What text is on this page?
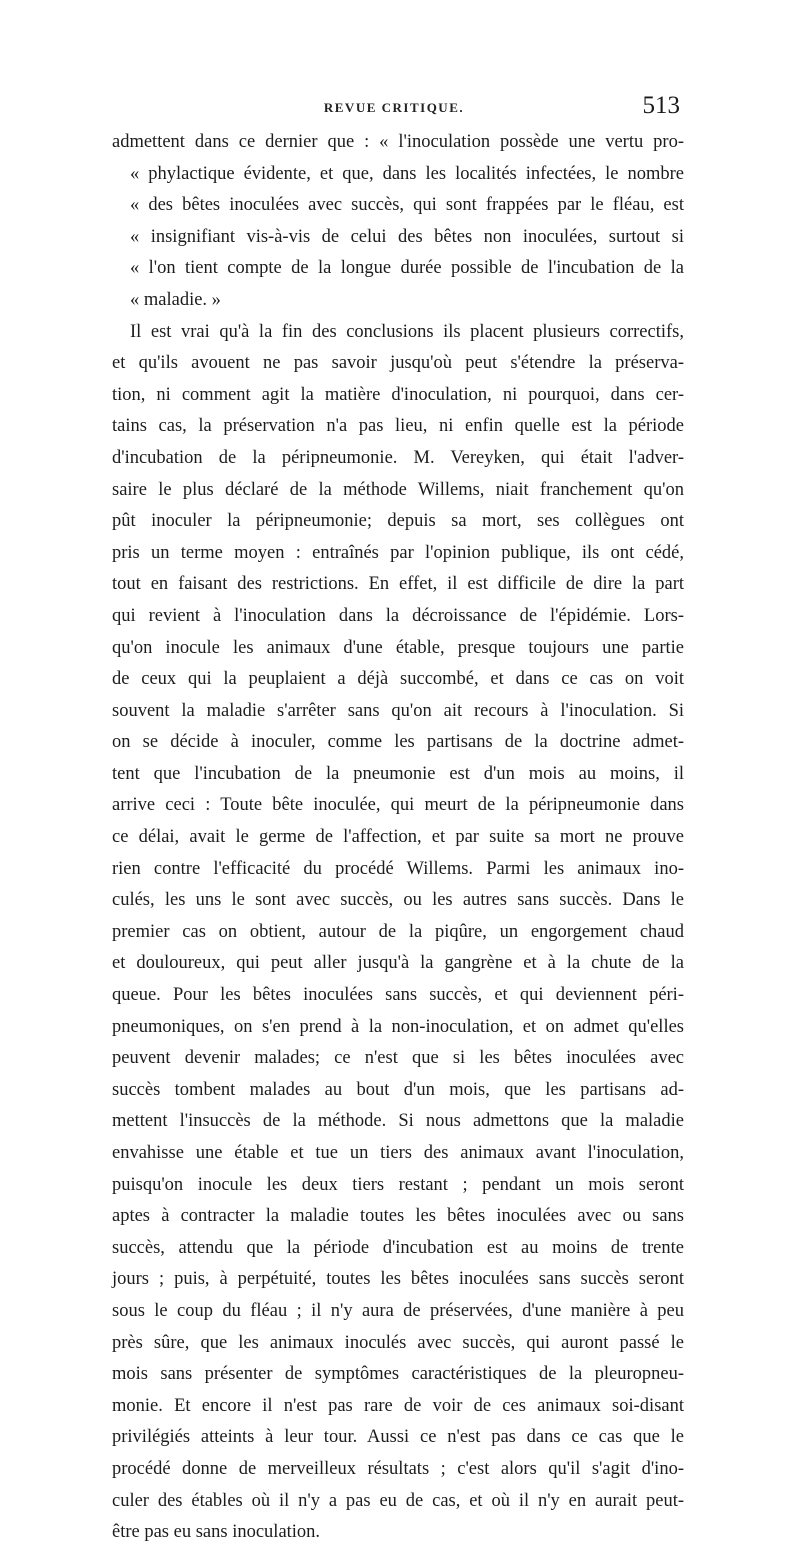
REVUE CRITIQUE.	513
admettent dans ce dernier que : « l'inoculation possède une vertu pro-
« phylactique évidente, et que, dans les localités infectées, le nombre
« des bêtes inoculées avec succès, qui sont frappées par le fléau, est
« insignifiant vis-à-vis de celui des bêtes non inoculées, surtout si
« l'on tient compte de la longue durée possible de l'incubation de la
« maladie. »
Il est vrai qu'à la fin des conclusions ils placent plusieurs correctifs,
et qu'ils avouent ne pas savoir jusqu'où peut s'étendre la préserva-
tion, ni comment agit la matière d'inoculation, ni pourquoi, dans cer-
tains cas, la préservation n'a pas lieu, ni enfin quelle est la période
d'incubation de la péripneumonie. M. Vereyken, qui était l'adver-
saire le plus déclaré de la méthode Willems, niait franchement qu'on
pût inoculer la péripneumonie; depuis sa mort, ses collègues ont
pris un terme moyen : entraînés par l'opinion publique, ils ont cédé,
tout en faisant des restrictions. En effet, il est difficile de dire la part
qui revient à l'inoculation dans la décroissance de l'épidémie. Lors-
qu'on inocule les animaux d'une étable, presque toujours une partie
de ceux qui la peuplaient a déjà succombé, et dans ce cas on voit
souvent la maladie s'arrêter sans qu'on ait recours à l'inoculation. Si
on se décide à inoculer, comme les partisans de la doctrine admet-
tent que l'incubation de la pneumonie est d'un mois au moins, il
arrive ceci : Toute bête inoculée, qui meurt de la péripneumonie dans
ce délai, avait le germe de l'affection, et par suite sa mort ne prouve
rien contre l'efficacité du procédé Willems. Parmi les animaux ino-
culés, les uns le sont avec succès, ou les autres sans succès. Dans le
premier cas on obtient, autour de la piqûre, un engorgement chaud
et douloureux, qui peut aller jusqu'à la gangrène et à la chute de la
queue. Pour les bêtes inoculées sans succès, et qui deviennent péri-
pneumoniques, on s'en prend à la non-inoculation, et on admet qu'elles
peuvent devenir malades; ce n'est que si les bêtes inoculées avec
succès tombent malades au bout d'un mois, que les partisans ad-
mettent l'insuccès de la méthode. Si nous admettons que la maladie
envahisse une étable et tue un tiers des animaux avant l'inoculation,
puisqu'on inocule les deux tiers restant ; pendant un mois seront
aptes à contracter la maladie toutes les bêtes inoculées avec ou sans
succès, attendu que la période d'incubation est au moins de trente
jours ; puis, à perpétuité, toutes les bêtes inoculées sans succès seront
sous le coup du fléau ; il n'y aura de préservées, d'une manière à peu
près sûre, que les animaux inoculés avec succès, qui auront passé le
mois sans présenter de symptômes caractéristiques de la pleuropneu-
monie. Et encore il n'est pas rare de voir de ces animaux soi-disant
privilégiés atteints à leur tour. Aussi ce n'est pas dans ce cas que le
procédé donne de merveilleux résultats ; c'est alors qu'il s'agit d'ino-
culer des étables où il n'y a pas eu de cas, et où il n'y en aurait peut-
être pas eu sans inoculation.
